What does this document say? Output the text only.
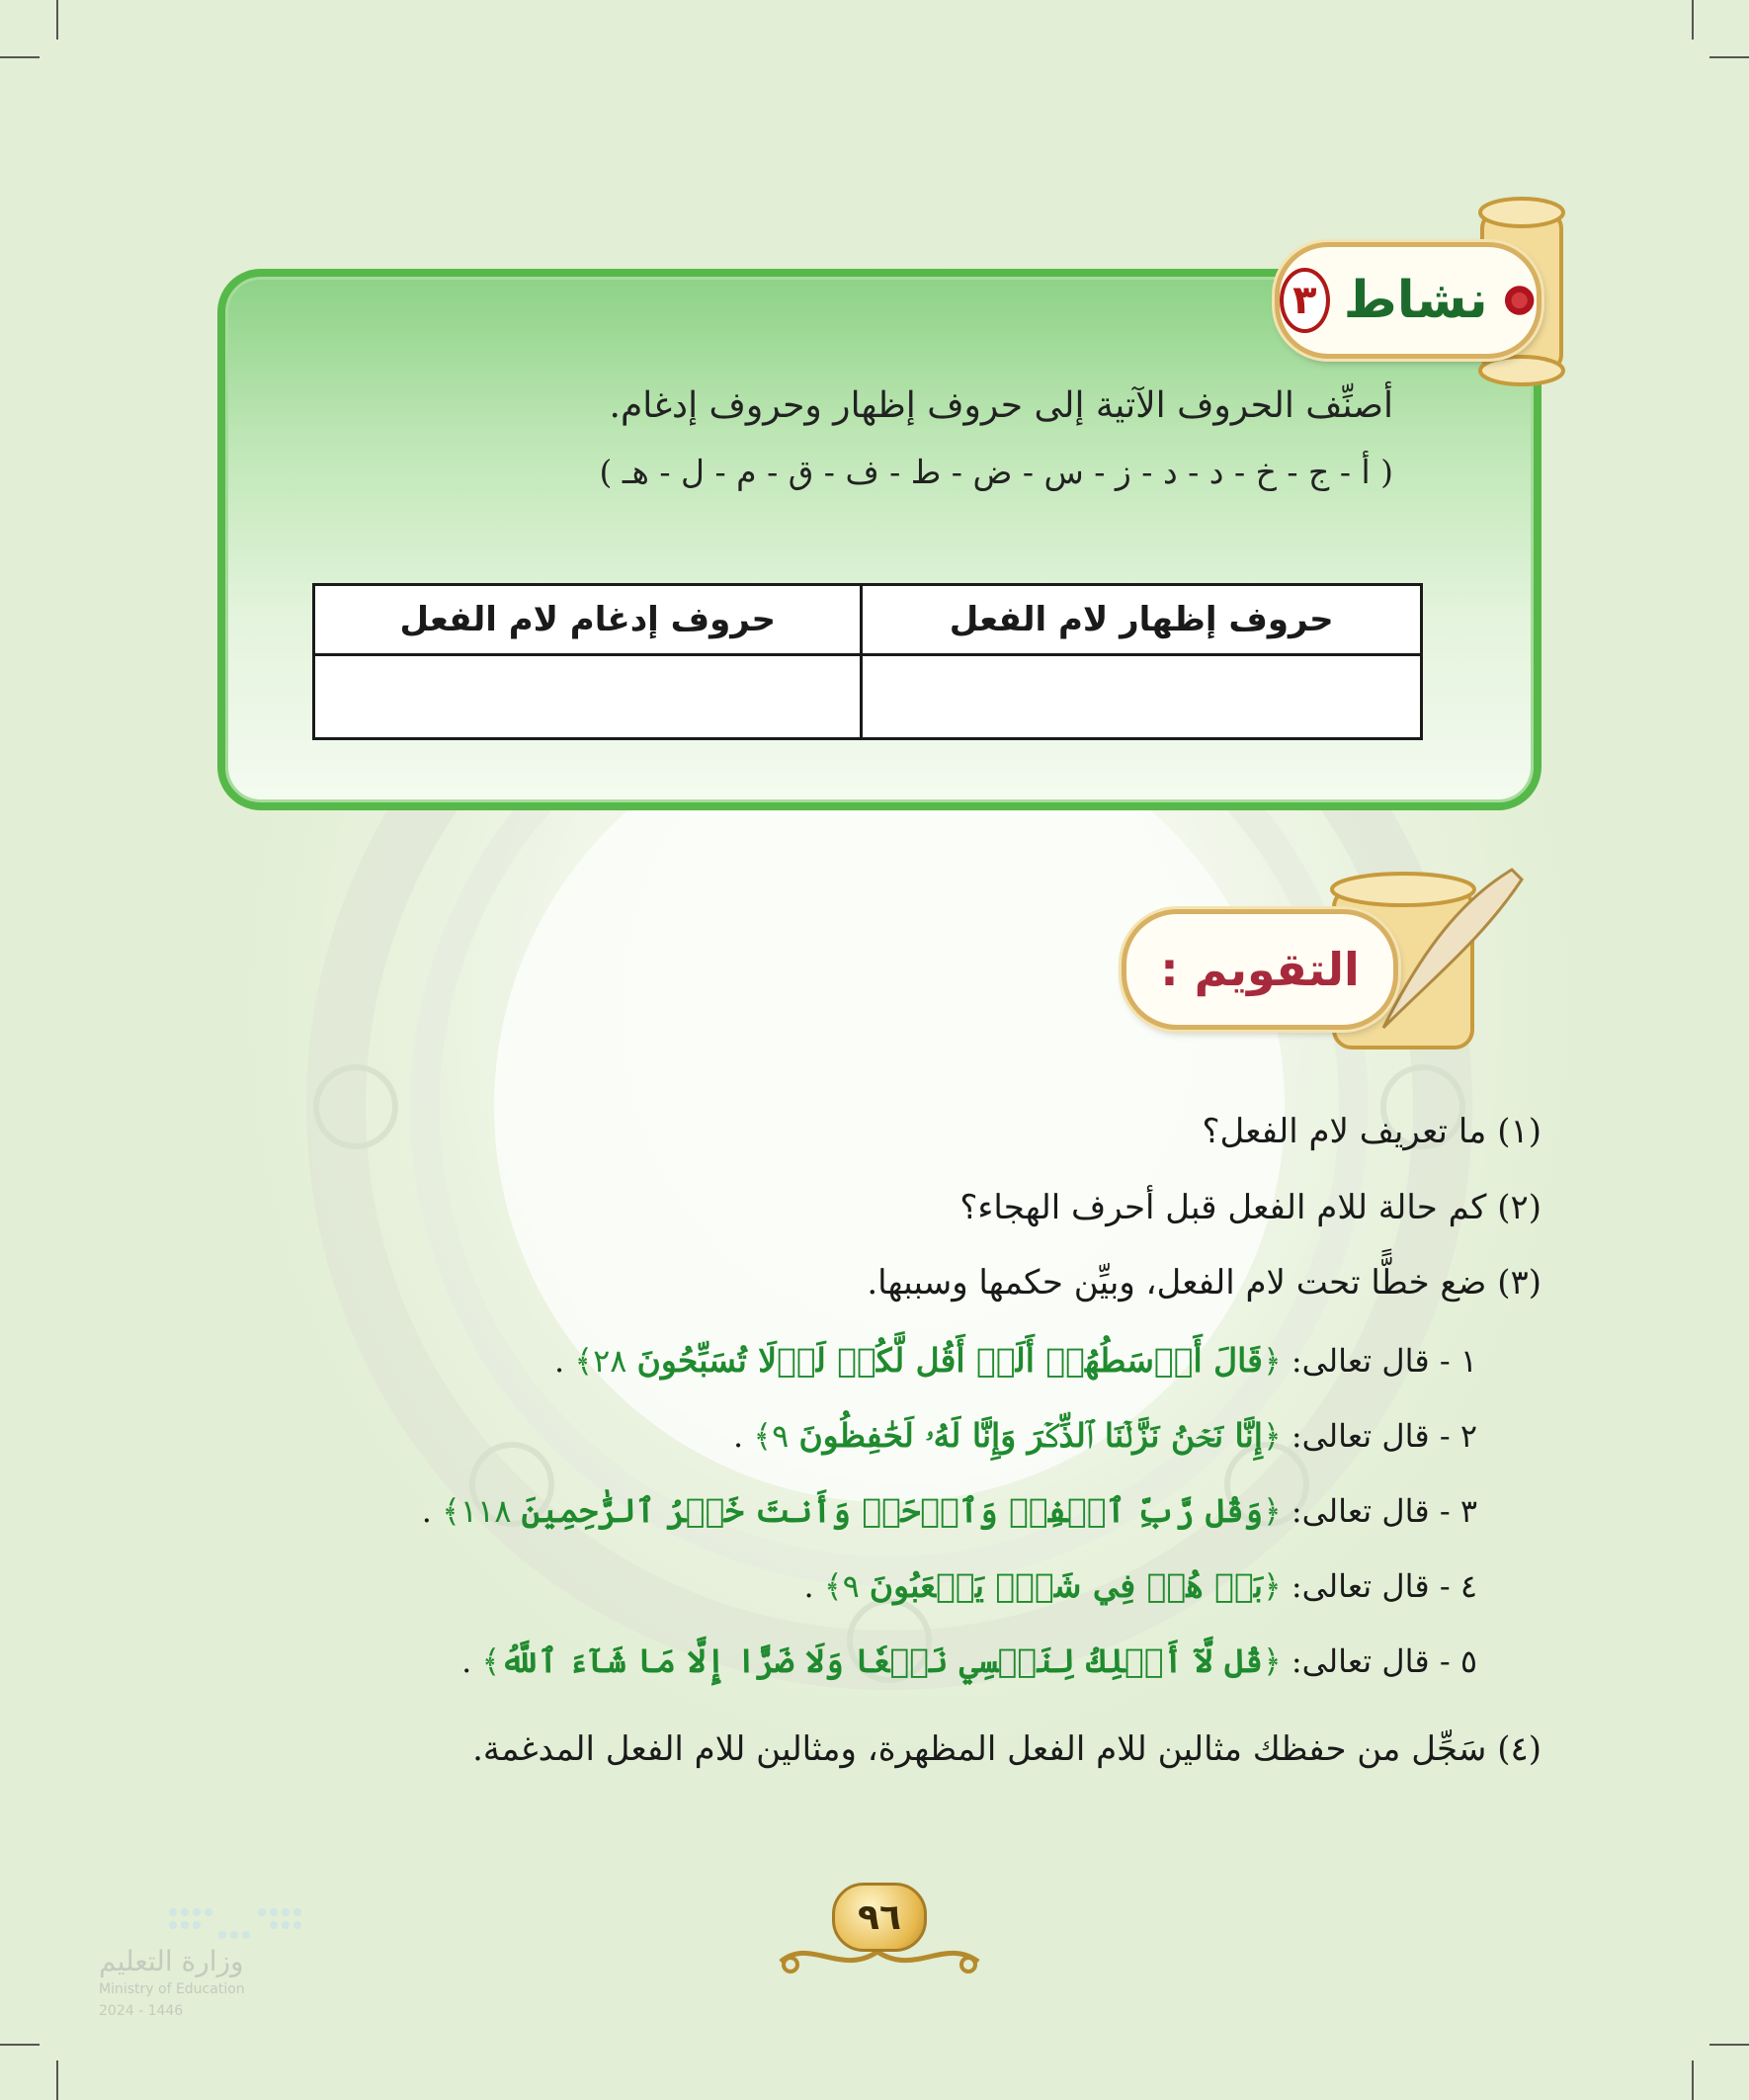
نشاط
٣
أصنِّف الحروف الآتية إلى حروف إظهار وحروف إدغام.
( أ - ج - خ - د - د - ز - س - ض - ط - ف - ق - م - ل - هـ )
حروف إظهار لام الفعل	حروف إدغام لام الفعل

التقويم :
(١) ما تعريف لام الفعل؟
(٢) كم حالة للام الفعل قبل أحرف الهجاء؟
(٣) ضع خطًّا تحت لام الفعل، وبيِّن حكمها وسببها.
١ - قال تعالى: ﴿قَالَ أَوۡسَطُهُمۡ أَلَمۡ أَقُل لَّكُمۡ لَوۡلَا تُسَبِّحُونَ ٢٨﴾ .
٢ - قال تعالى: ﴿إِنَّا نَحۡنُ نَزَّلۡنَا ٱلذِّكۡرَ وَإِنَّا لَهُۥ لَحَٰفِظُونَ ٩﴾ .
٣ - قال تعالى: ﴿وَقُل رَّبِّ ٱغۡفِرۡ وَٱرۡحَمۡ وَأَنتَ خَيۡرُ ٱلرَّٰحِمِينَ ١١٨﴾ .
٤ - قال تعالى: ﴿بَلۡ هُمۡ فِي شَكّٖ يَلۡعَبُونَ ٩﴾ .
٥ - قال تعالى: ﴿قُل لَّآ أَمۡلِكُ لِنَفۡسِي نَفۡعٗا وَلَا ضَرًّا إِلَّا مَا شَآءَ ٱللَّهُ﴾ .
(٤) سَجِّل من حفظك مثالين للام الفعل المظهرة، ومثالين للام الفعل المدغمة.
٩٦
وزارة التعليم
Ministry of Education
2024 - 1446
